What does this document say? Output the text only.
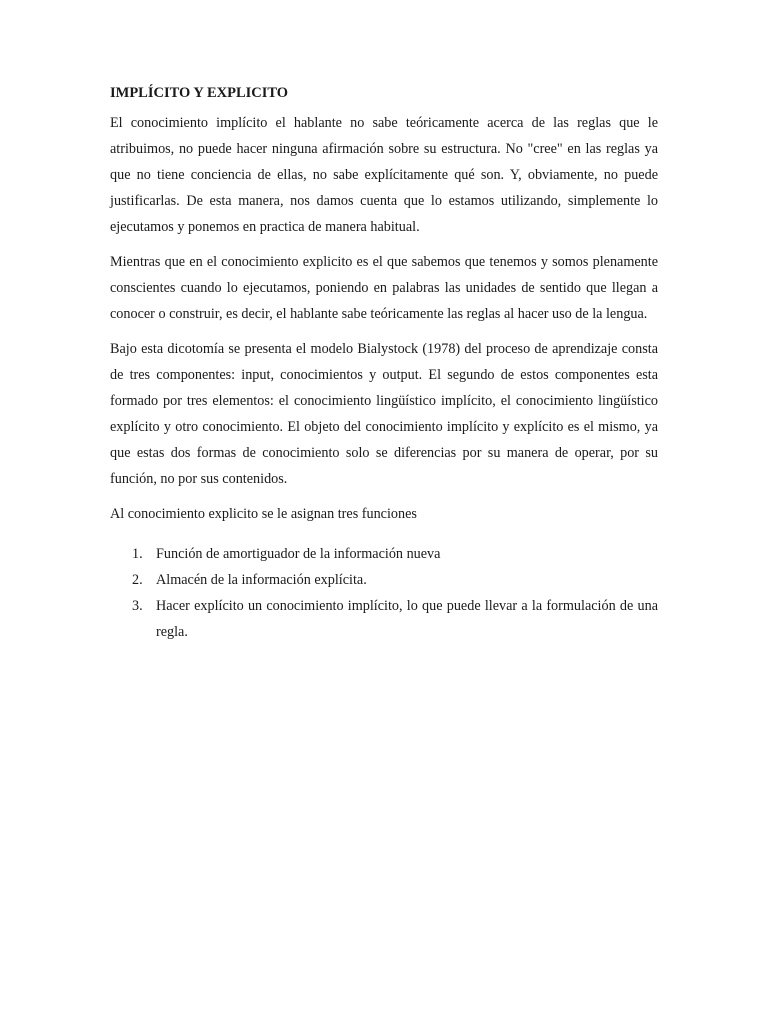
IMPLÍCITO Y EXPLICITO

El conocimiento implícito el hablante no sabe teóricamente acerca de las reglas que le atribuimos, no puede hacer ninguna afirmación sobre su estructura. No "cree" en las reglas ya que no tiene conciencia de ellas, no sabe explícitamente qué son. Y, obviamente, no puede justificarlas. De esta manera, nos damos cuenta que lo estamos utilizando, simplemente lo ejecutamos y ponemos en practica de manera habitual.

Mientras que en el conocimiento explicito es el que sabemos que tenemos y somos plenamente conscientes cuando lo ejecutamos, poniendo en palabras las unidades de sentido que llegan a conocer o construir, es decir, el hablante sabe teóricamente las reglas al hacer uso de la lengua.

Bajo esta dicotomía se presenta el modelo Bialystock (1978) del proceso de aprendizaje consta de tres componentes: input, conocimientos y output. El segundo de estos componentes esta formado por tres elementos: el conocimiento lingüístico implícito, el conocimiento lingüístico explícito y otro conocimiento. El objeto del conocimiento implícito y explícito es el mismo, ya que estas dos formas de conocimiento solo se diferencias por su manera de operar, por su función, no por sus contenidos.

Al conocimiento explicito se le asignan tres funciones

1. Función de amortiguador de la información nueva
2. Almacén de la información explícita.
3. Hacer explícito un conocimiento implícito, lo que puede llevar a la formulación de una regla.
